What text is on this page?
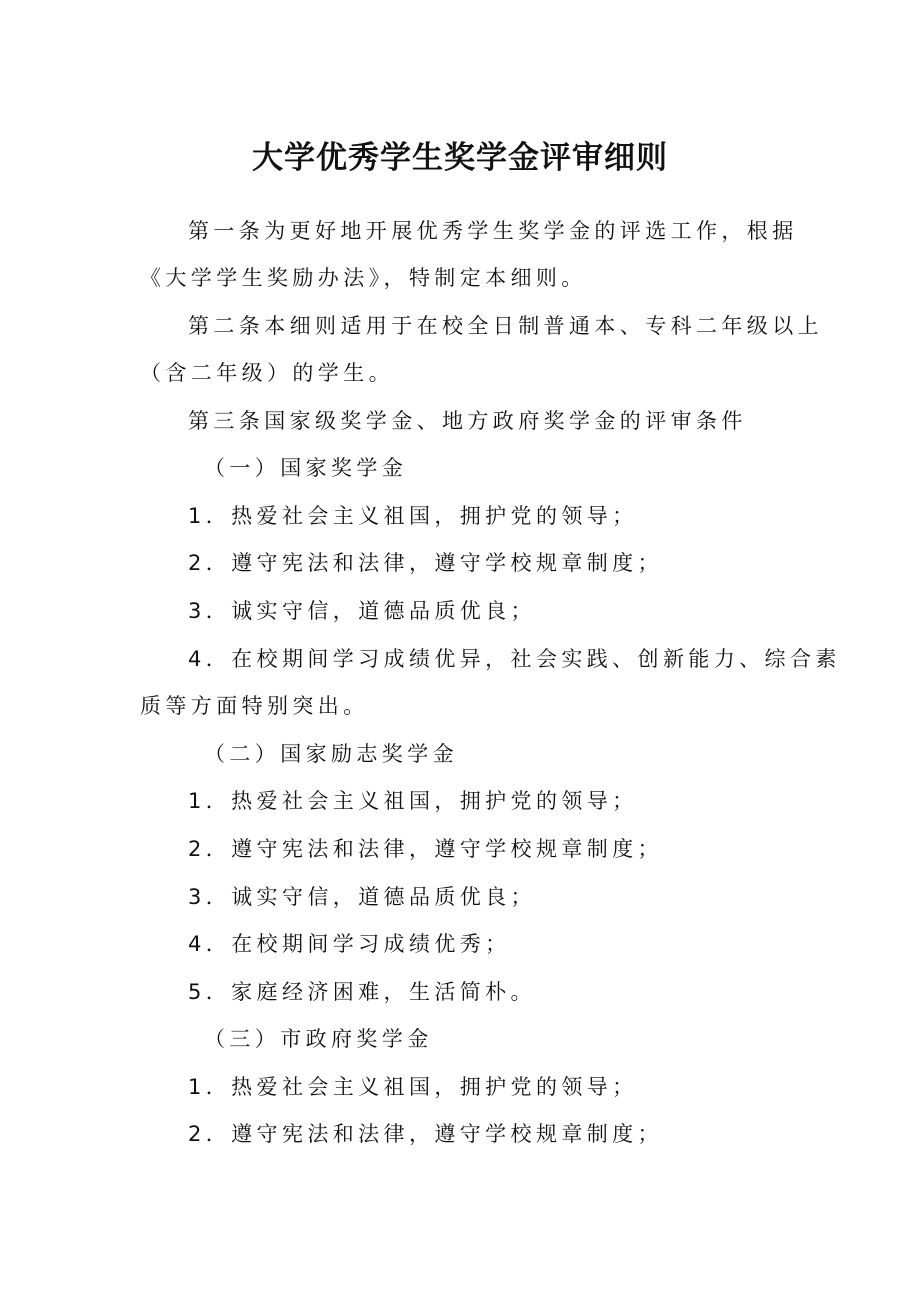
大学优秀学生奖学金评审细则

第一条为更好地开展优秀学生奖学金的评选工作，根据

《大学学生奖励办法》，特制定本细则。

第二条本细则适用于在校全日制普通本、专科二年级以上

（含二年级）的学生。

第三条国家级奖学金、地方政府奖学金的评审条件

（一）国家奖学金

1．热爱社会主义祖国，拥护党的领导；

2．遵守宪法和法律，遵守学校规章制度；

3．诚实守信，道德品质优良；

4．在校期间学习成绩优异，社会实践、创新能力、综合素

质等方面特别突出。

（二）国家励志奖学金

1．热爱社会主义祖国，拥护党的领导；

2．遵守宪法和法律，遵守学校规章制度；

3．诚实守信，道德品质优良；

4．在校期间学习成绩优秀；

5．家庭经济困难，生活简朴。

（三）市政府奖学金

1．热爱社会主义祖国，拥护党的领导；

2．遵守宪法和法律，遵守学校规章制度；
